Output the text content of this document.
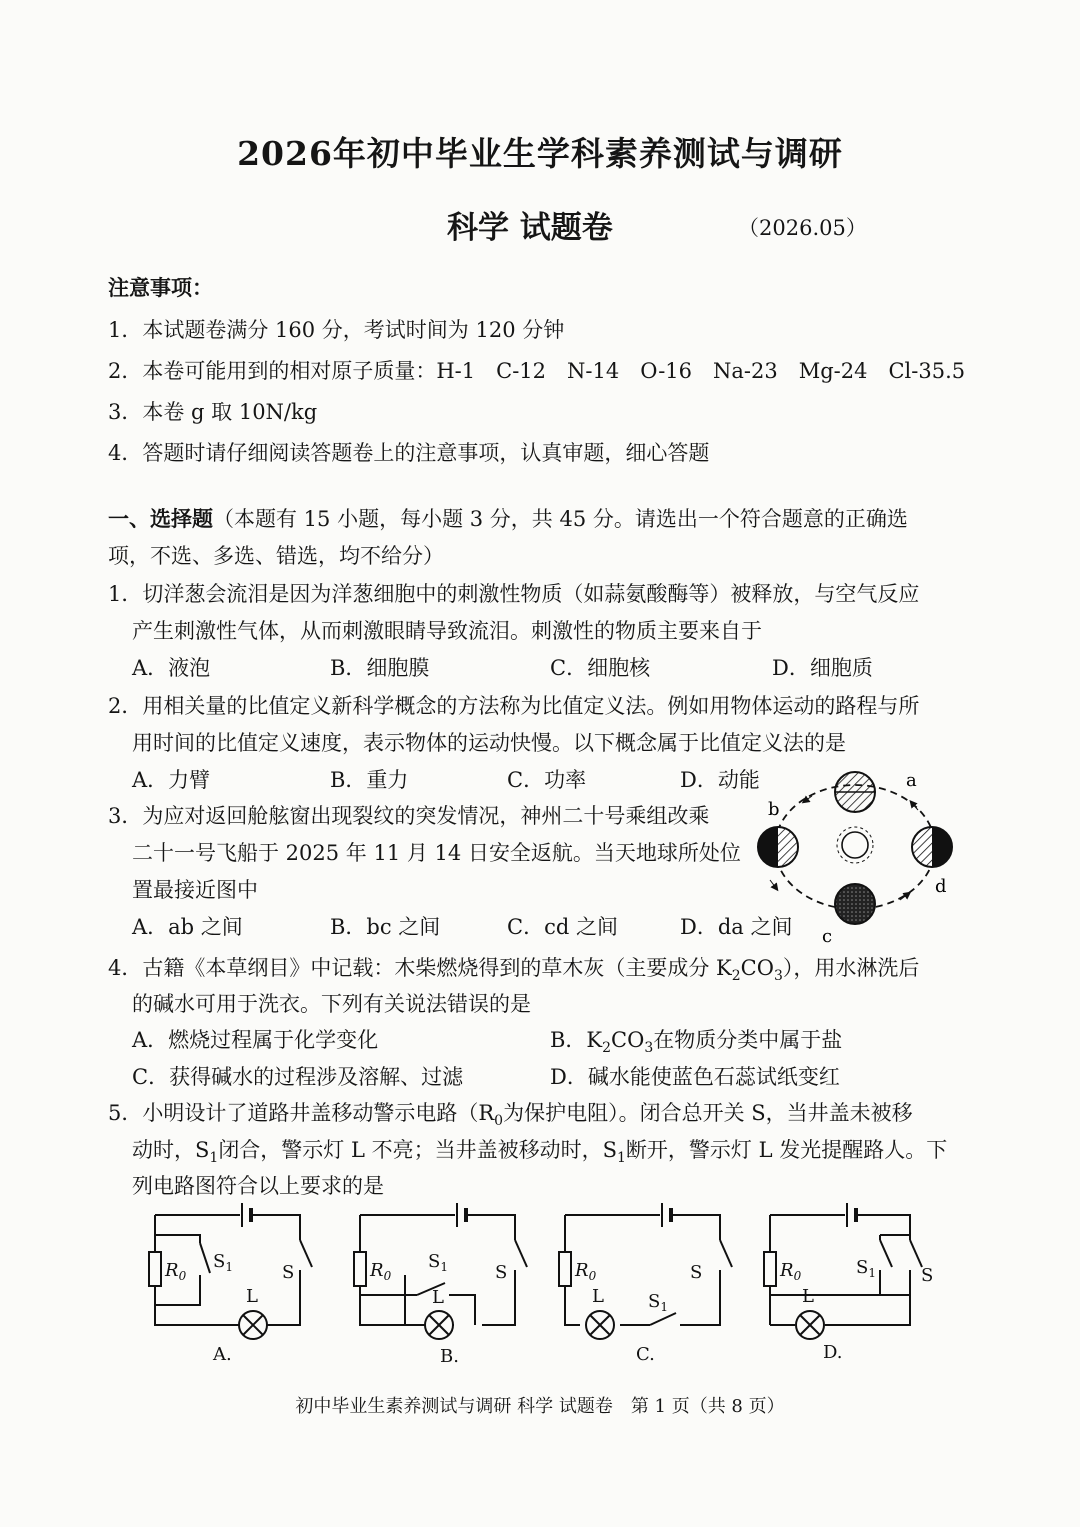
2026年初中毕业生学科素养测试与调研
科学 试题卷	（2026.05）
注意事项：
1．本试题卷满分 160 分，考试时间为 120 分钟
2．本卷可能用到的相对原子质量：H-1　C-12　N-14　O-16　Na-23　Mg-24　Cl-35.5
3．本卷 g 取 10N/kg
4．答题时请仔细阅读答题卷上的注意事项，认真审题，细心答题
一、选择题（本题有 15 小题，每小题 3 分，共 45 分。请选出一个符合题意的正确选
项，不选、多选、错选，均不给分）
1．切洋葱会流泪是因为洋葱细胞中的刺激性物质（如蒜氨酸酶等）被释放，与空气反应
产生刺激性气体，从而刺激眼睛导致流泪。刺激性的物质主要来自于
A．液泡	B．细胞膜	C．细胞核	D．细胞质
2．用相关量的比值定义新科学概念的方法称为比值定义法。例如用物体运动的路程与所
用时间的比值定义速度，表示物体的运动快慢。以下概念属于比值定义法的是
A．力臂	B．重力	C．功率	D．动能
3．为应对返回舱舷窗出现裂纹的突发情况，神州二十号乘组改乘
二十一号飞船于 2025 年 11 月 14 日安全返航。当天地球所处位
置最接近图中
A．ab 之间	B．bc 之间	C．cd 之间	D．da 之间
a
b
c
d
4．古籍《本草纲目》中记载：木柴燃烧得到的草木灰（主要成分 $K_2CO_3$），用水淋洗后
的碱水可用于洗衣。下列有关说法错误的是
A．燃烧过程属于化学变化	B．$K_2CO_3$在物质分类中属于盐
C．获得碱水的过程涉及溶解、过滤	D．碱水能使蓝色石蕊试纸变红
5．小明设计了道路井盖移动警示电路（$R_0$为保护电阻）。闭合总开关 S，当井盖未被移
动时，$S_1$闭合，警示灯 L 不亮；当井盖被移动时，$S_1$断开，警示灯 L 发光提醒路人。下
列电路图符合以上要求的是
$R_0$
$S_1$	S
L
A.
$R_0$
$S_1$	S
L
B.
$R_0$	S
$S_1$
L
C.
$R_0$	$S_1$	S
L
D.
初中毕业生素养测试与调研 科学 试题卷　第 1 页（共 8 页）
